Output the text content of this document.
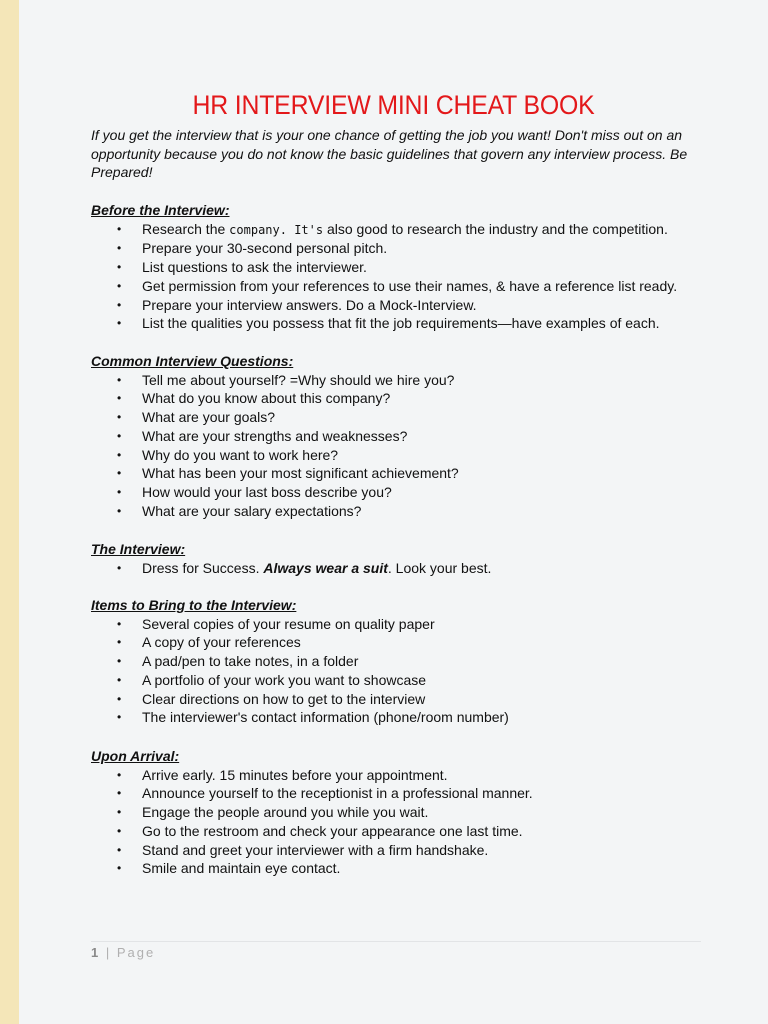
HR INTERVIEW MINI CHEAT BOOK
If you get the interview that is your one chance of getting the job you want! Don't miss out on an opportunity because you do not know the basic guidelines that govern any interview process. Be Prepared!
Before the Interview:
• Research the company. It's also good to research the industry and the competition.
• Prepare your 30-second personal pitch.
• List questions to ask the interviewer.
• Get permission from your references to use their names, & have a reference list ready.
• Prepare your interview answers. Do a Mock-Interview.
• List the qualities you possess that fit the job requirements—have examples of each.
Common Interview Questions:
• Tell me about yourself? =Why should we hire you?
• What do you know about this company?
• What are your goals?
• What are your strengths and weaknesses?
• Why do you want to work here?
• What has been your most significant achievement?
• How would your last boss describe you?
• What are your salary expectations?
The Interview:
• Dress for Success. Always wear a suit. Look your best.
Items to Bring to the Interview:
• Several copies of your resume on quality paper
• A copy of your references
• A pad/pen to take notes, in a folder
• A portfolio of your work you want to showcase
• Clear directions on how to get to the interview
• The interviewer's contact information (phone/room number)
Upon Arrival:
• Arrive early. 15 minutes before your appointment.
• Announce yourself to the receptionist in a professional manner.
• Engage the people around you while you wait.
• Go to the restroom and check your appearance one last time.
• Stand and greet your interviewer with a firm handshake.
• Smile and maintain eye contact.
1 | Page
